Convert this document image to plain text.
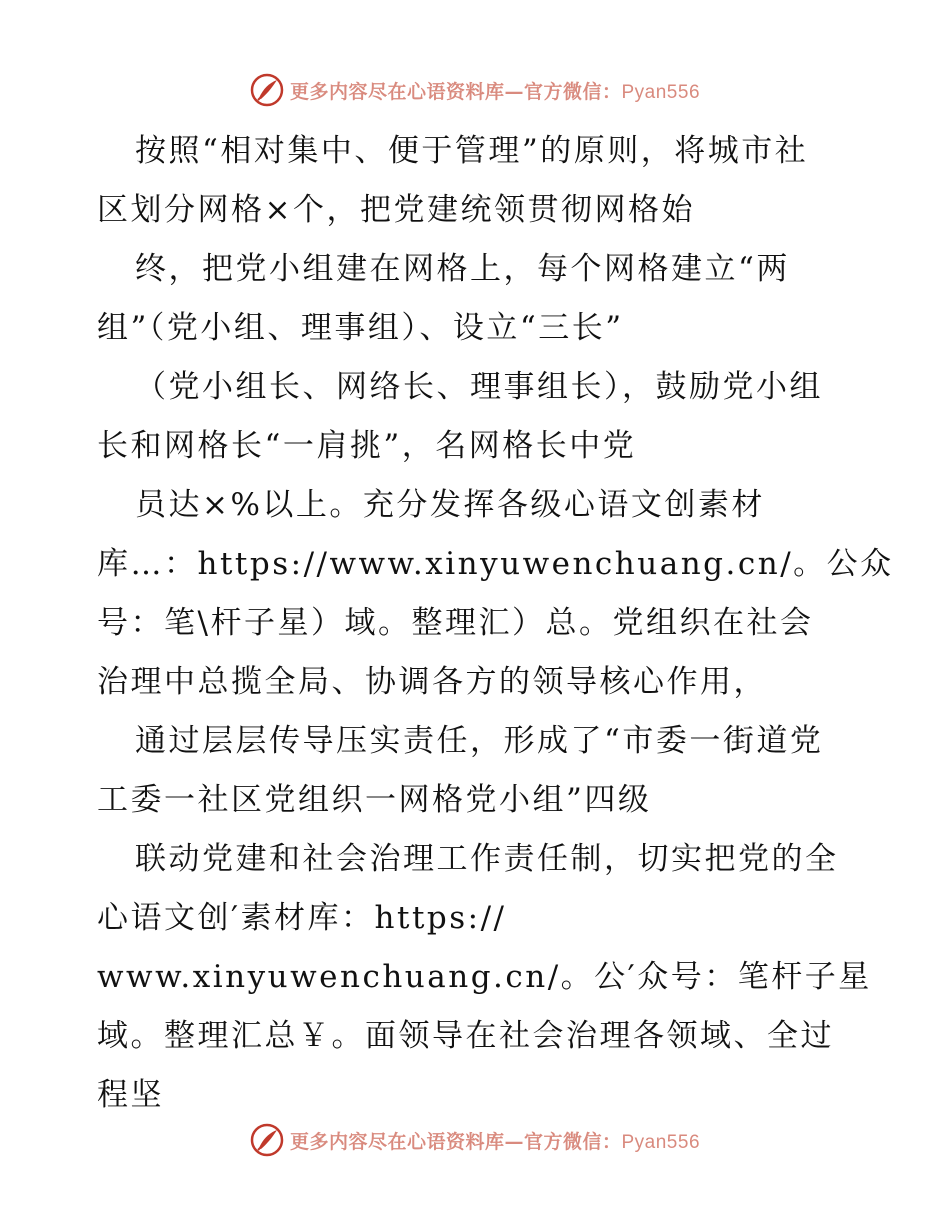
更多内容尽在心语资料库—官方微信：Pyan556
按照“相对集中、便于管理”的原则，将城市社
区划分网格×个，把党建统领贯彻网格始
终，把党小组建在网格上，每个网格建立“两
组”（党小组、理事组）、设立“三长”
（党小组长、网络长、理事组长），鼓励党小组
长和网格长“一肩挑”，名网格长中党
员达×%以上。充分发挥各级心语文创素材
库…：https://www.xinyuwenchuang.cn/。公众
号：笔\杆子星）域。整理汇）总。党组织在社会
治理中总揽全局、协调各方的领导核心作用，
通过层层传导压实责任，形成了“市委一街道党
工委一社区党组织一网格党小组”四级
联动党建和社会治理工作责任制，切实把党的全
心语文创′素材库：https://
www.xinyuwenchuang.cn/。公′众号：笔杆子星
域。整理汇总￥。面领导在社会治理各领域、全过
程坚
更多内容尽在心语资料库—官方微信：Pyan556
